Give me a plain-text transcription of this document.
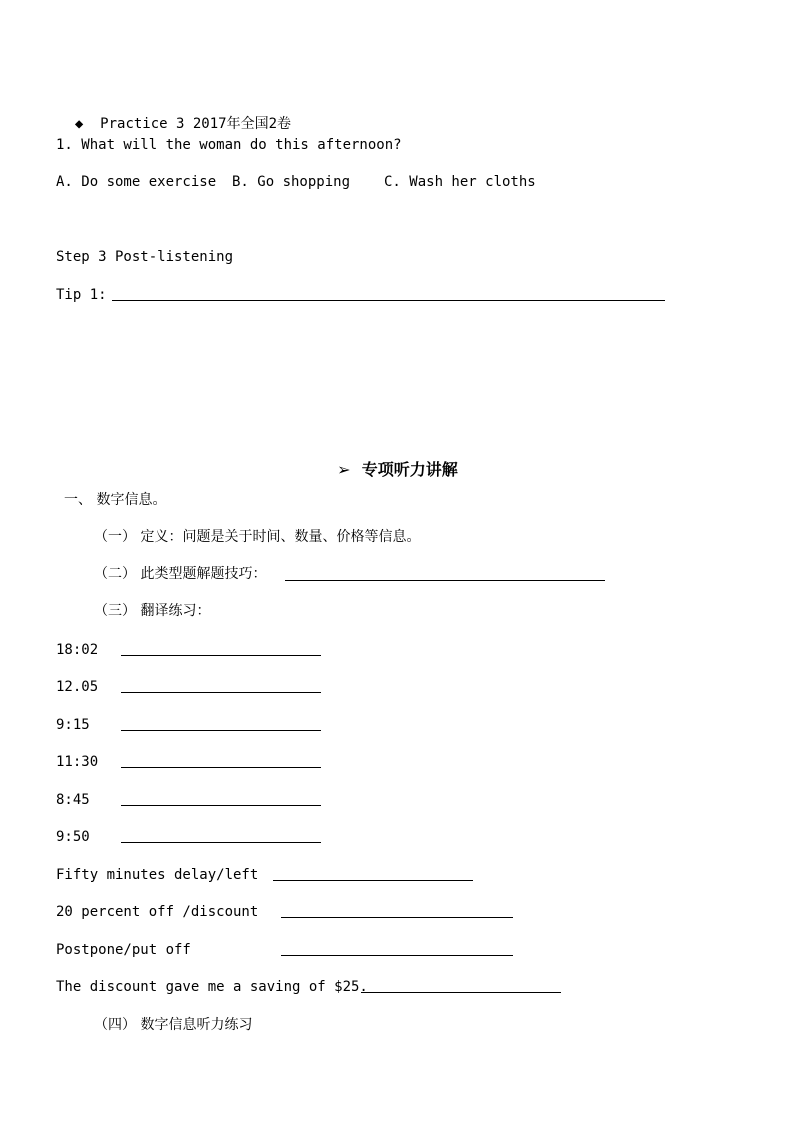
◆ Practice 3 2017年全国2卷

1. What will the woman do this afternoon?
A. Do some exercise B. Go shopping C. Wash her cloths
Step 3 Post-listening
Tip 1:

➢ 专项听力讲解

一、 数字信息。
（一） 定义：问题是关于时间、数量、价格等信息。
（二） 此类型题解题技巧：
（三） 翻译练习：
18:02
12.05
9:15
11:30
8:45
9:50
Fifty minutes delay/left
20 percent off /discount
Postpone/put off
The discount gave me a saving of $25.
（四） 数字信息听力练习
